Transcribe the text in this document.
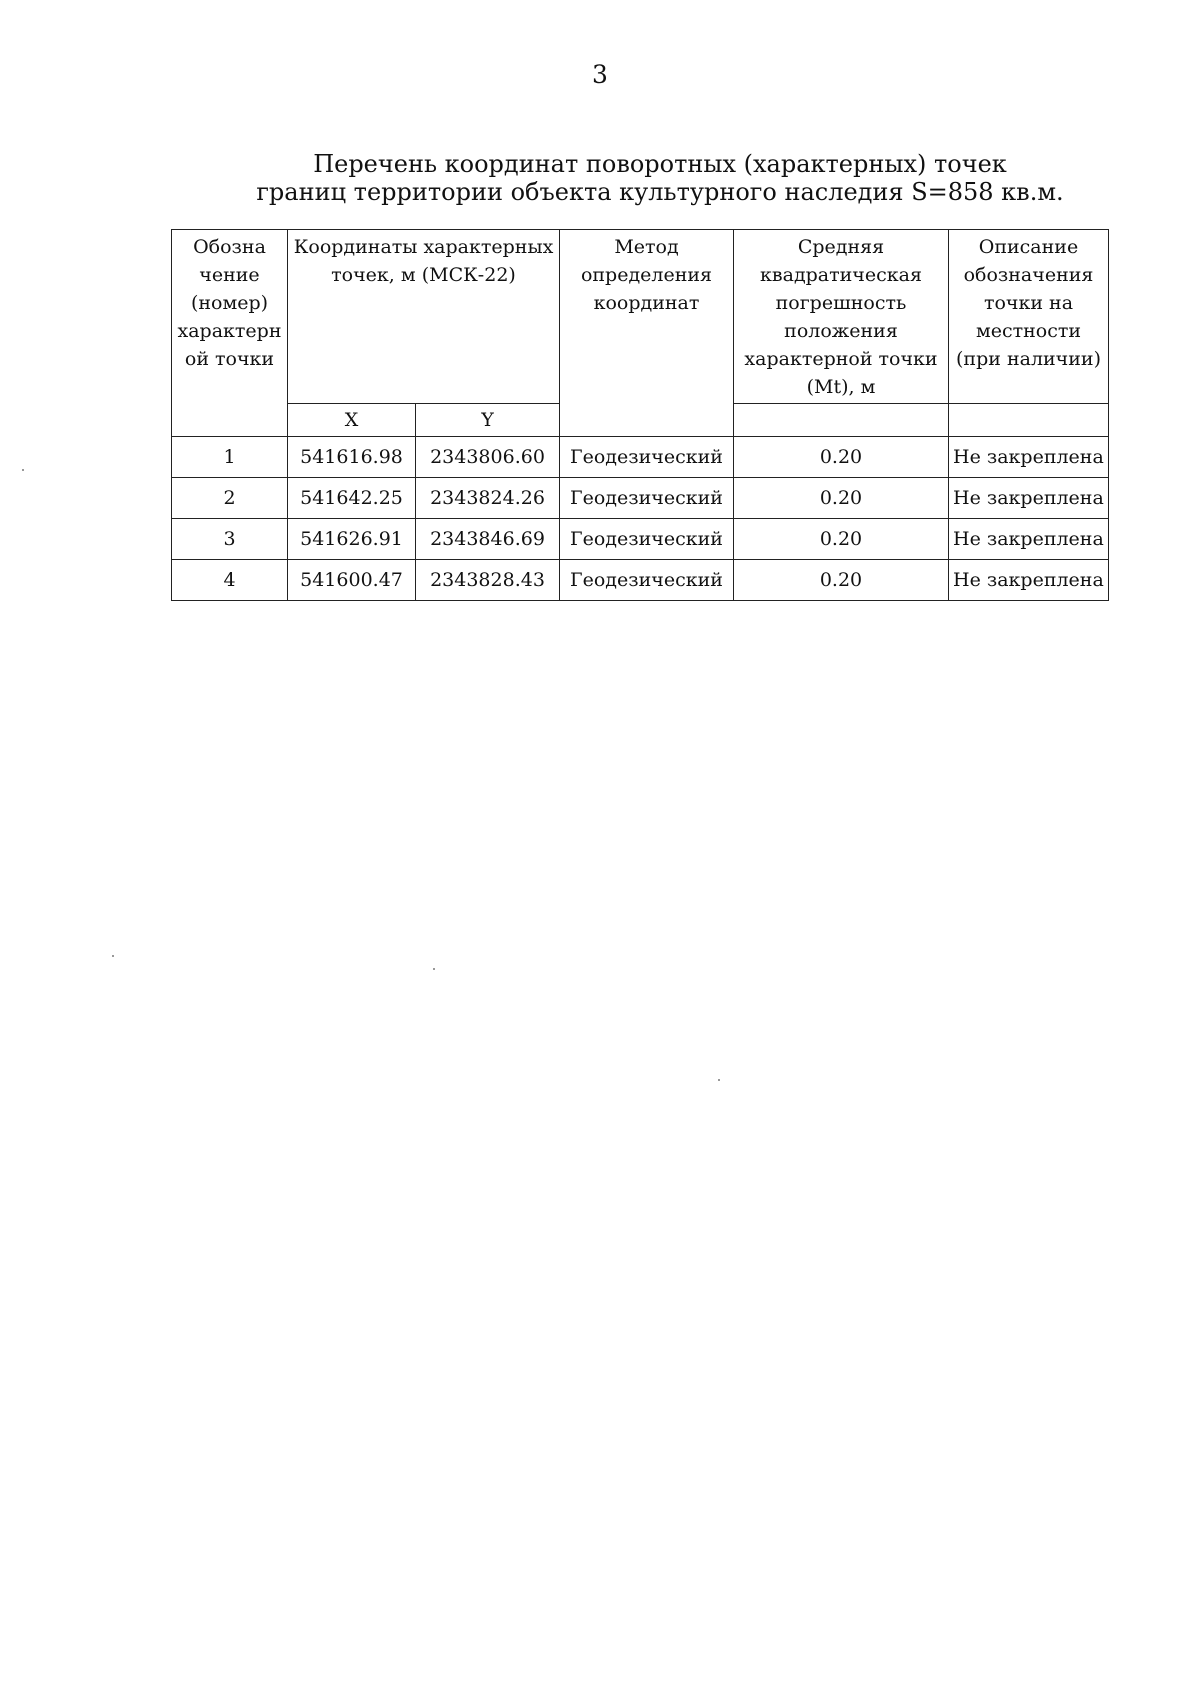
3
Перечень координат поворотных (характерных) точек
границ территории объекта культурного наследия S=858 кв.м.
Обозна чение (номер) характерн ой точки	Координаты характерных точек, м (МСК-22)		Метод определения координат	Средняя квадратическая погрешность положения характерной точки (Mt), м	Описание обозначения точки на местности (при наличии)
	X	Y			
1	541616.98	2343806.60	Геодезический	0.20	Не закреплена
2	541642.25	2343824.26	Геодезический	0.20	Не закреплена
3	541626.91	2343846.69	Геодезический	0.20	Не закреплена
4	541600.47	2343828.43	Геодезический	0.20	Не закреплена
